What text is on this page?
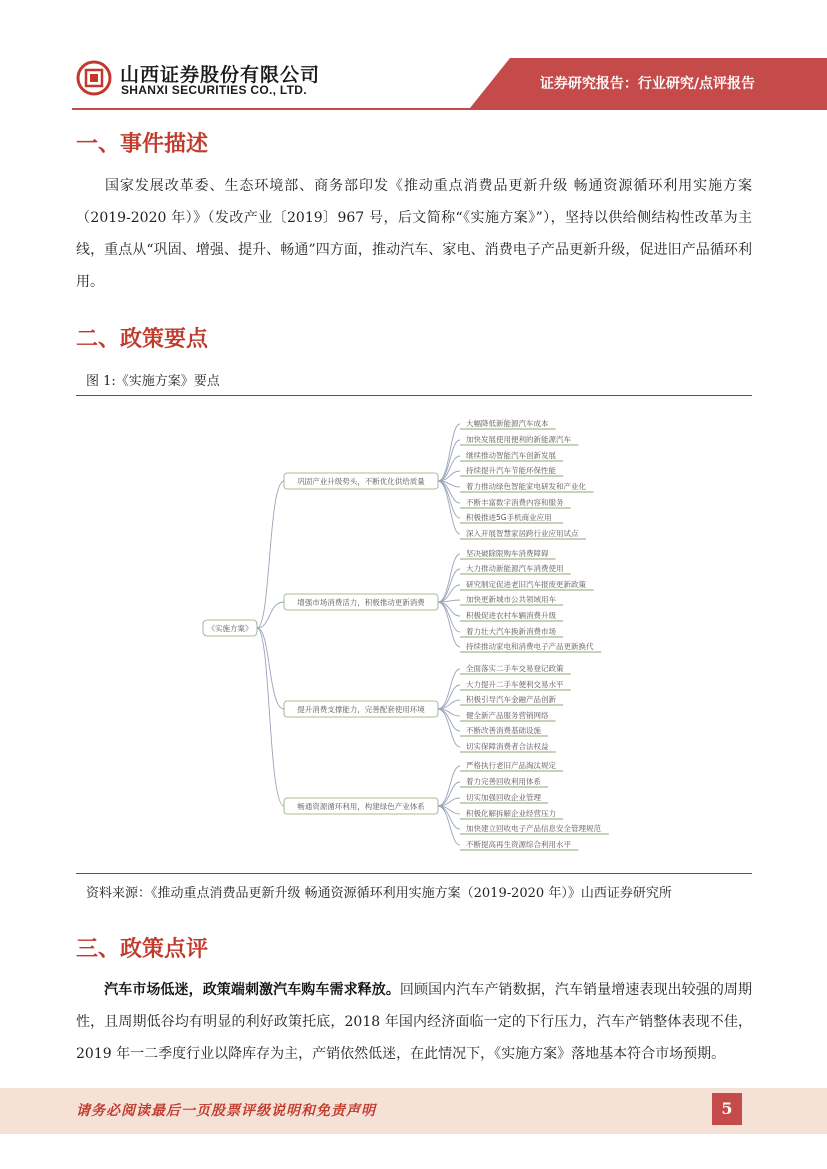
山西证券股份有限公司
SHANXI SECURITIES CO., LTD.	证券研究报告：行业研究/点评报告
一、事件描述
国家发展改革委、生态环境部、商务部印发《推动重点消费品更新升级 畅通资源循环利用实施方案（2019-2020 年）》（发改产业〔2019〕967 号，后文简称“《实施方案》”），坚持以供给侧结构性改革为主线，重点从“巩固、增强、提升、畅通”四方面，推动汽车、家电、消费电子产品更新升级，促进旧产品循环利用。
二、政策要点
图 1:《实施方案》要点
《实施方案》
巩固产业升级势头，不断优化供给质量
大幅降低新能源汽车成本
加快发展使用便利的新能源汽车
继续推动智能汽车创新发展
持续提升汽车节能环保性能
着力推动绿色智能家电研发和产业化
不断丰富数字消费内容和服务
积极推进5G手机商业应用
深入开展智慧家居跨行业应用试点
增强市场消费活力，积极推动更新消费
坚决破除限购车消费障碍
大力推动新能源汽车消费使用
研究制定促进老旧汽车报废更新政策
加快更新城市公共领域用车
积极促进农村车辆消费升级
着力壮大汽车换新消费市场
持续推动家电和消费电子产品更新换代
提升消费支撑能力，完善配套使用环境
全面落实二手车交易登记政策
大力提升二手车便利交易水平
积极引导汽车金融产品创新
健全新产品服务营销网络
不断改善消费基础设施
切实保障消费者合法权益
畅通资源循环利用，构建绿色产业体系
严格执行老旧产品淘汰规定
着力完善回收利用体系
切实加强回收企业管理
积极化解拆解企业经营压力
加快建立回收电子产品信息安全管理规范
不断提高再生资源综合利用水平
资料来源：《推动重点消费品更新升级 畅通资源循环利用实施方案（2019-2020 年）》山西证券研究所
三、政策点评
汽车市场低迷，政策端刺激汽车购车需求释放。回顾国内汽车产销数据，汽车销量增速表现出较强的周期性，且周期低谷均有明显的利好政策托底，2018 年国内经济面临一定的下行压力，汽车产销整体表现不佳，2019 年一二季度行业以降库存为主，产销依然低迷，在此情况下，《实施方案》落地基本符合市场预期。
请务必阅读最后一页股票评级说明和免责声明	5
